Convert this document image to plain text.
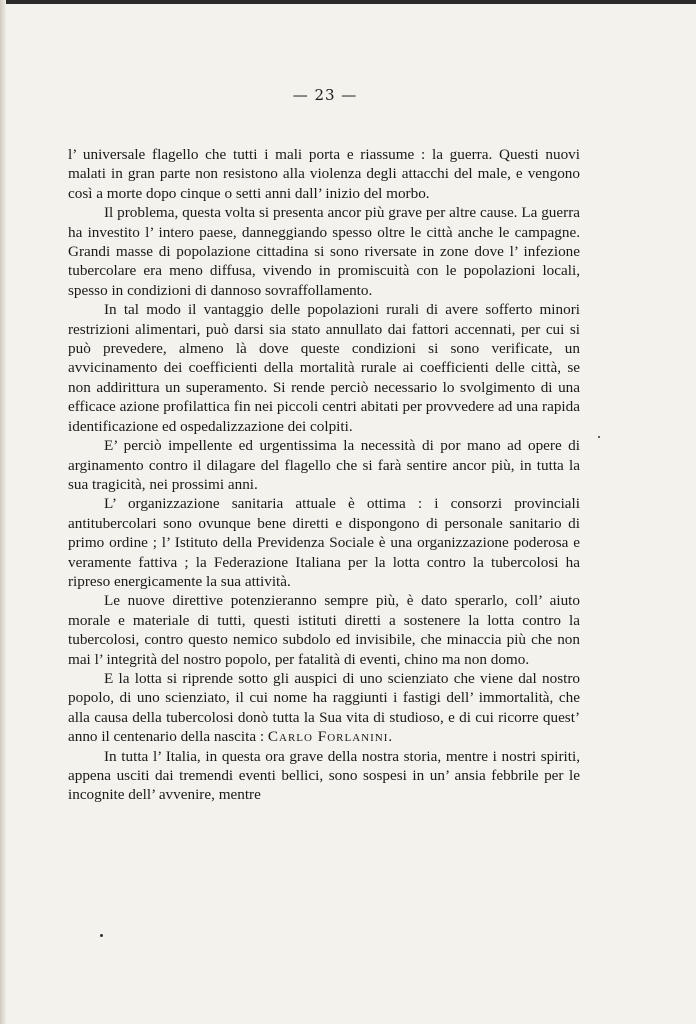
— 23 —

l’ universale flagello che tutti i mali porta e riassume : la guerra. Questi nuovi malati in gran parte non resistono alla violenza degli attacchi del male, e vengono così a morte dopo cinque o setti anni dall’ inizio del morbo.

Il problema, questa volta si presenta ancor più grave per altre cause. La guerra ha investito l’ intero paese, danneggiando spesso oltre le città anche le campagne. Grandi masse di popolazione cittadina si sono riversate in zone dove l’ infezione tubercolare era meno diffusa, vivendo in promiscuità con le popolazioni locali, spesso in condizioni di dannoso sovraffollamento.

In tal modo il vantaggio delle popolazioni rurali di avere sofferto minori restrizioni alimentari, può darsi sia stato annullato dai fattori accennati, per cui si può prevedere, almeno là dove queste condizioni si sono verificate, un avvicinamento dei coefficienti della mortalità rurale ai coefficienti delle città, se non addirittura un superamento. Si rende perciò necessario lo svolgimento di una efficace azione profilattica fin nei piccoli centri abitati per provvedere ad una rapida identificazione ed ospedalizzazione dei colpiti.

E’ perciò impellente ed urgentissima la necessità di por mano ad opere di arginamento contro il dilagare del flagello che si farà sentire ancor più, in tutta la sua tragicità, nei prossimi anni.

L’ organizzazione sanitaria attuale è ottima : i consorzi provinciali antitubercolari sono ovunque bene diretti e dispongono di personale sanitario di primo ordine ; l’ Istituto della Previdenza Sociale è una organizzazione poderosa e veramente fattiva ; la Federazione Italiana per la lotta contro la tubercolosi ha ripreso energicamente la sua attività.

Le nuove direttive potenzieranno sempre più, è dato sperarlo, coll’ aiuto morale e materiale di tutti, questi istituti diretti a sostenere la lotta contro la tubercolosi, contro questo nemico subdolo ed invisibile, che minaccia più che non mai l’ integrità del nostro popolo, per fatalità di eventi, chino ma non domo.

E la lotta si riprende sotto gli auspici di uno scienziato che viene dal nostro popolo, di uno scienziato, il cui nome ha raggiunti i fastigi dell’ immortalità, che alla causa della tubercolosi donò tutta la Sua vita di studioso, e di cui ricorre quest’ anno il centenario della nascita : Carlo Forlanini.

In tutta l’ Italia, in questa ora grave della nostra storia, mentre i nostri spiriti, appena usciti dai tremendi eventi bellici, sono sospesi in un’ ansia febbrile per le incognite dell’ avvenire, mentre
